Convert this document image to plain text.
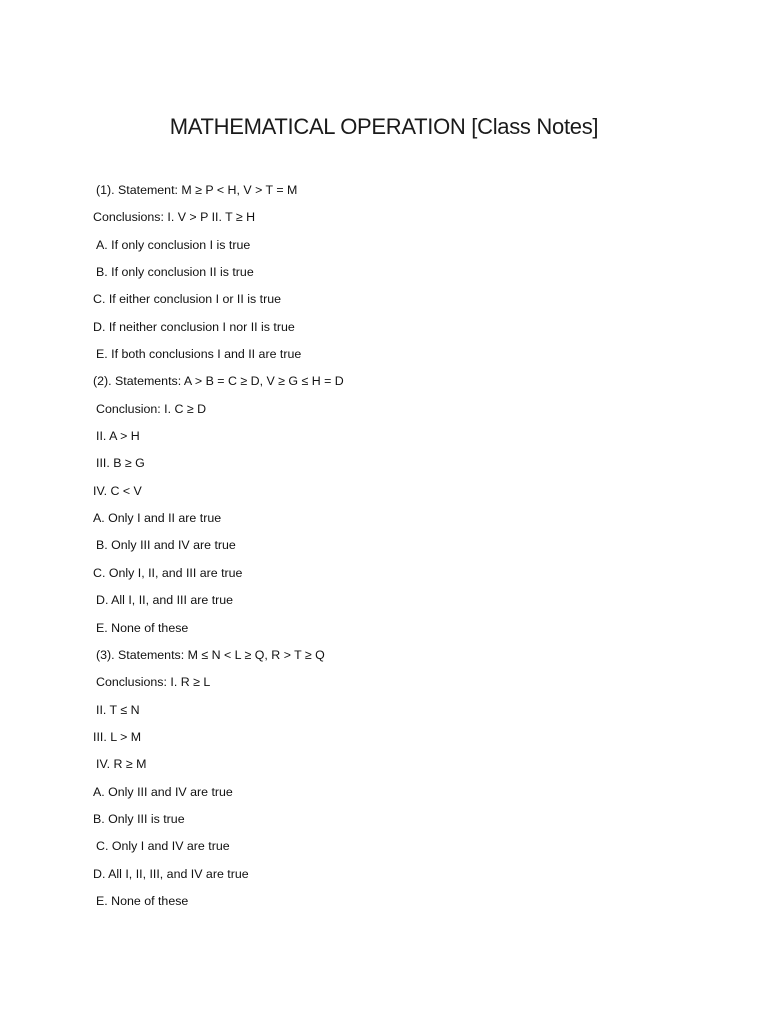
MATHEMATICAL OPERATION [Class Notes]
(1). Statement: M ≥ P < H, V > T = M
Conclusions: I. V > P II. T ≥ H
A. If only conclusion I is true
B. If only conclusion II is true
C. If either conclusion I or II is true
D. If neither conclusion I nor II is true
E. If both conclusions I and II are true
(2). Statements: A > B = C ≥ D, V ≥ G ≤ H = D
Conclusion: I. C ≥ D
II. A > H
III. B ≥ G
IV. C < V
A. Only I and II are true
B. Only III and IV are true
C. Only I, II, and III are true
D. All I, II, and III are true
E. None of these
(3). Statements: M ≤ N < L ≥ Q, R > T ≥ Q
Conclusions: I. R ≥ L
II. T ≤ N
III. L > M
IV. R ≥ M
A. Only III and IV are true
B. Only III is true
C. Only I and IV are true
D. All I, II, III, and IV are true
E. None of these
